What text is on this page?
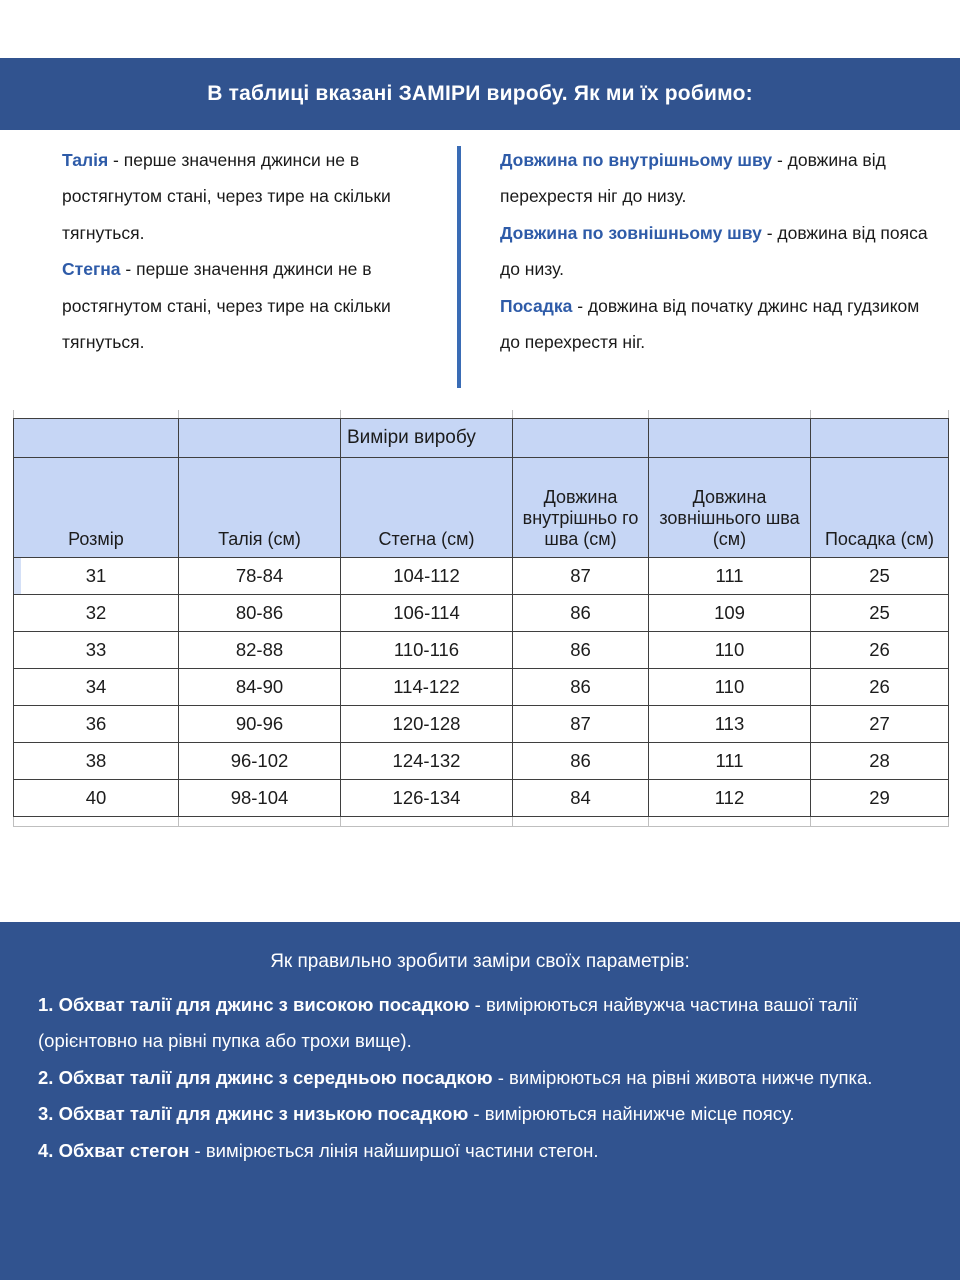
В таблиці вказані ЗАМІРИ виробу. Як ми їх робимо:

Талія - перше значення джинси не в ростягнутом стані, через тире на скільки тягнуться.

Стегна - перше значення джинси не в ростягнутом стані, через тире на скільки тягнуться.

Довжина по внутрішньому шву - довжина від перехрестя ніг до низу.

Довжина по зовнішньому шву - довжина від пояса до низу.

Посадка - довжина від початку джинс над гудзиком до перехрестя ніг.

		Виміри виробу			
Розмір	Талія (см)	Стегна (см)	Довжина внутрішньо го шва (см)	Довжина зовнішнього шва (см)	Посадка (см)
31	78-84	104-112	87	111	25
32	80-86	106-114	86	109	25
33	82-88	110-116	86	110	26
34	84-90	114-122	86	110	26
36	90-96	120-128	87	113	27
38	96-102	124-132	86	111	28
40	98-104	126-134	84	112	29

Як правильно зробити заміри своїх параметрів:

1. Обхват талії для джинс з високою посадкою - вимірюються найвужча частина вашої талії (орієнтовно на рівні пупка або трохи вище).

2. Обхват талії для джинс з середньою посадкою - вимірюються на рівні живота нижче пупка.

3. Обхват талії для джинс з низькою посадкою - вимірюються найнижче місце поясу.

4. Обхват стегон - вимірюється лінія найширшої частини стегон.
